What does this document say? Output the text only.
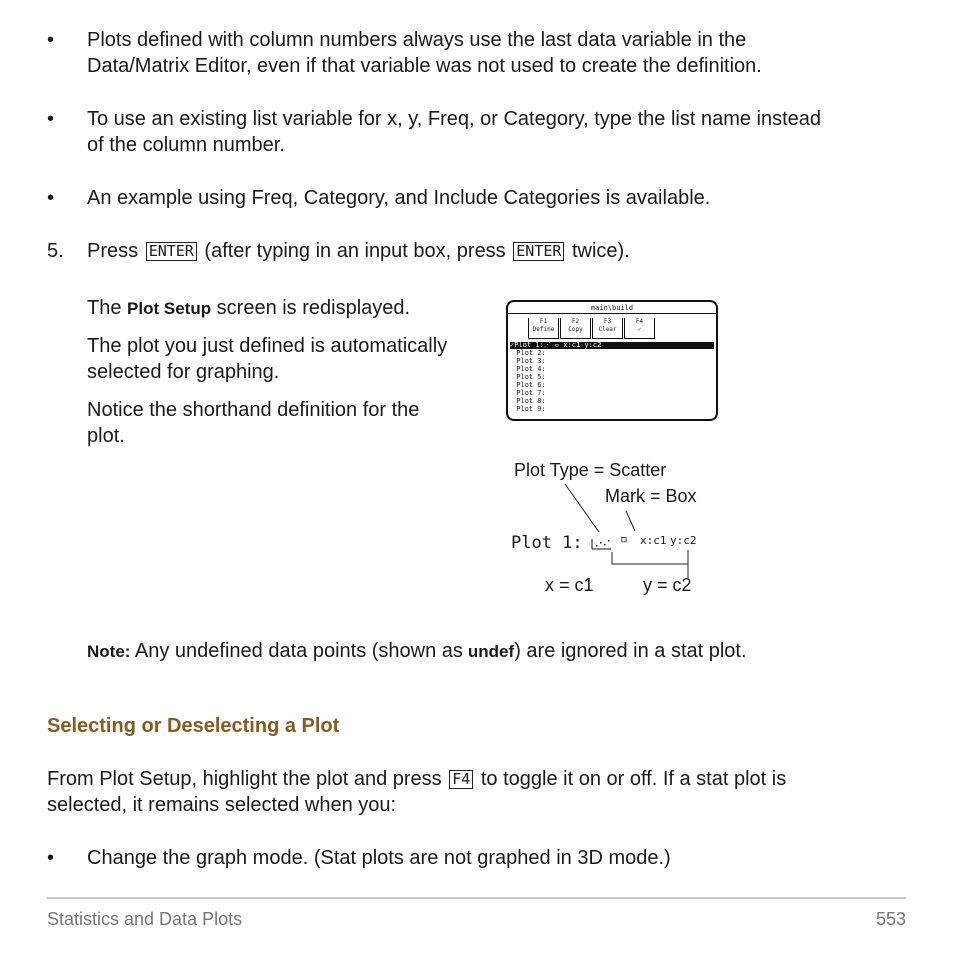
• Plots defined with column numbers always use the last data variable in the
Data/Matrix Editor, even if that variable was not used to create the definition.
• To use an existing list variable for x, y, Freq, or Category, type the list name instead
of the column number.
• An example using Freq, Category, and Include Categories is available.
5. Press ENTER (after typing in an input box, press ENTER twice).
The Plot Setup screen is redisplayed.
The plot you just defined is automatically
selected for graphing.
Notice the shorthand definition for the
plot.
main\build
F1
Define
F2
Copy
F3
Clear
F4
✓
✓Plot 1:⋰ ▫ x:c1 y:c2
Plot 2:
Plot 3:
Plot 4:
Plot 5:
Plot 6:
Plot 7:
Plot 8:
Plot 9:
Plot Type = Scatter
Mark = Box
Plot 1:	▫ x:c1 y:c2
x = c1	y = c2
Note: Any undefined data points (shown as undef) are ignored in a stat plot.
Selecting or Deselecting a Plot
From Plot Setup, highlight the plot and press F4 to toggle it on or off. If a stat plot is
selected, it remains selected when you:
• Change the graph mode. (Stat plots are not graphed in 3D mode.)
Statistics and Data Plots	553
